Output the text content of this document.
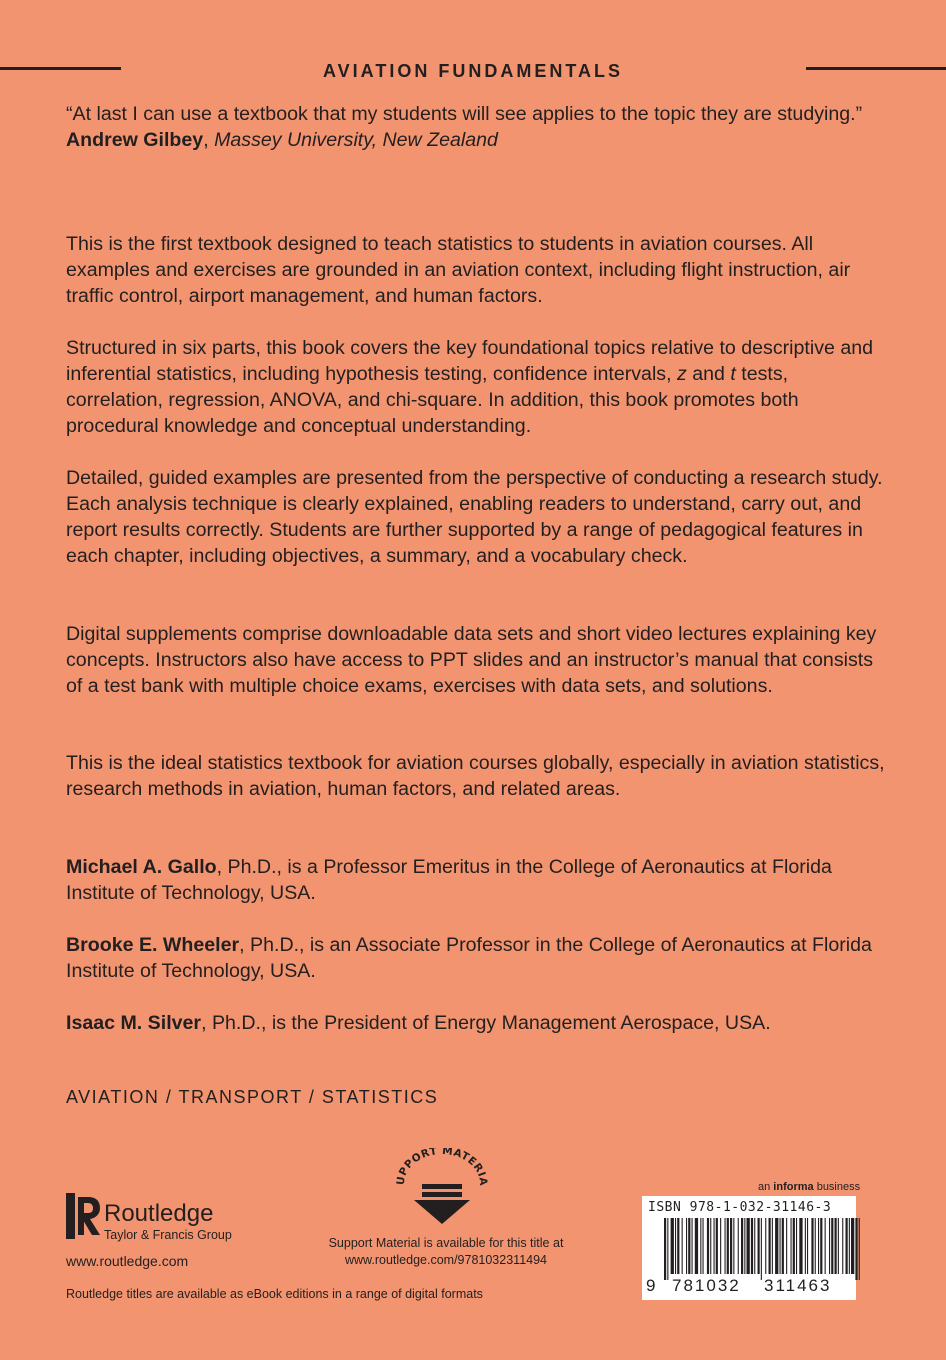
AVIATION FUNDAMENTALS
“At last I can use a textbook that my students will see applies to the topic they are studying.”
Andrew Gilbey, Massey University, New Zealand
This is the first textbook designed to teach statistics to students in aviation courses. All examples and exercises are grounded in an aviation context, including flight instruction, air traffic control, airport management, and human factors.
Structured in six parts, this book covers the key foundational topics relative to descriptive and inferential statistics, including hypothesis testing, confidence intervals, z and t tests, correlation, regression, ANOVA, and chi-square. In addition, this book promotes both procedural knowledge and conceptual understanding.
Detailed, guided examples are presented from the perspective of conducting a research study. Each analysis technique is clearly explained, enabling readers to understand, carry out, and report results correctly. Students are further supported by a range of pedagogical features in each chapter, including objectives, a summary, and a vocabulary check.
Digital supplements comprise downloadable data sets and short video lectures explaining key concepts. Instructors also have access to PPT slides and an instructor’s manual that consists of a test bank with multiple choice exams, exercises with data sets, and solutions.
This is the ideal statistics textbook for aviation courses globally, especially in aviation statistics, research methods in aviation, human factors, and related areas.
Michael A. Gallo, Ph.D., is a Professor Emeritus in the College of Aeronautics at Florida Institute of Technology, USA.
Brooke E. Wheeler, Ph.D., is an Associate Professor in the College of Aeronautics at Florida Institute of Technology, USA.
Isaac M. Silver, Ph.D., is the President of Energy Management Aerospace, USA.
AVIATION / TRANSPORT / STATISTICS
Routledge
Taylor & Francis Group
www.routledge.com
Routledge titles are available as eBook editions in a range of digital formats
UPPORT MATERIA
Support Material is available for this title at
www.routledge.com/9781032311494
an informa business
ISBN 978-1-032-31146-3
9 781032 311463
